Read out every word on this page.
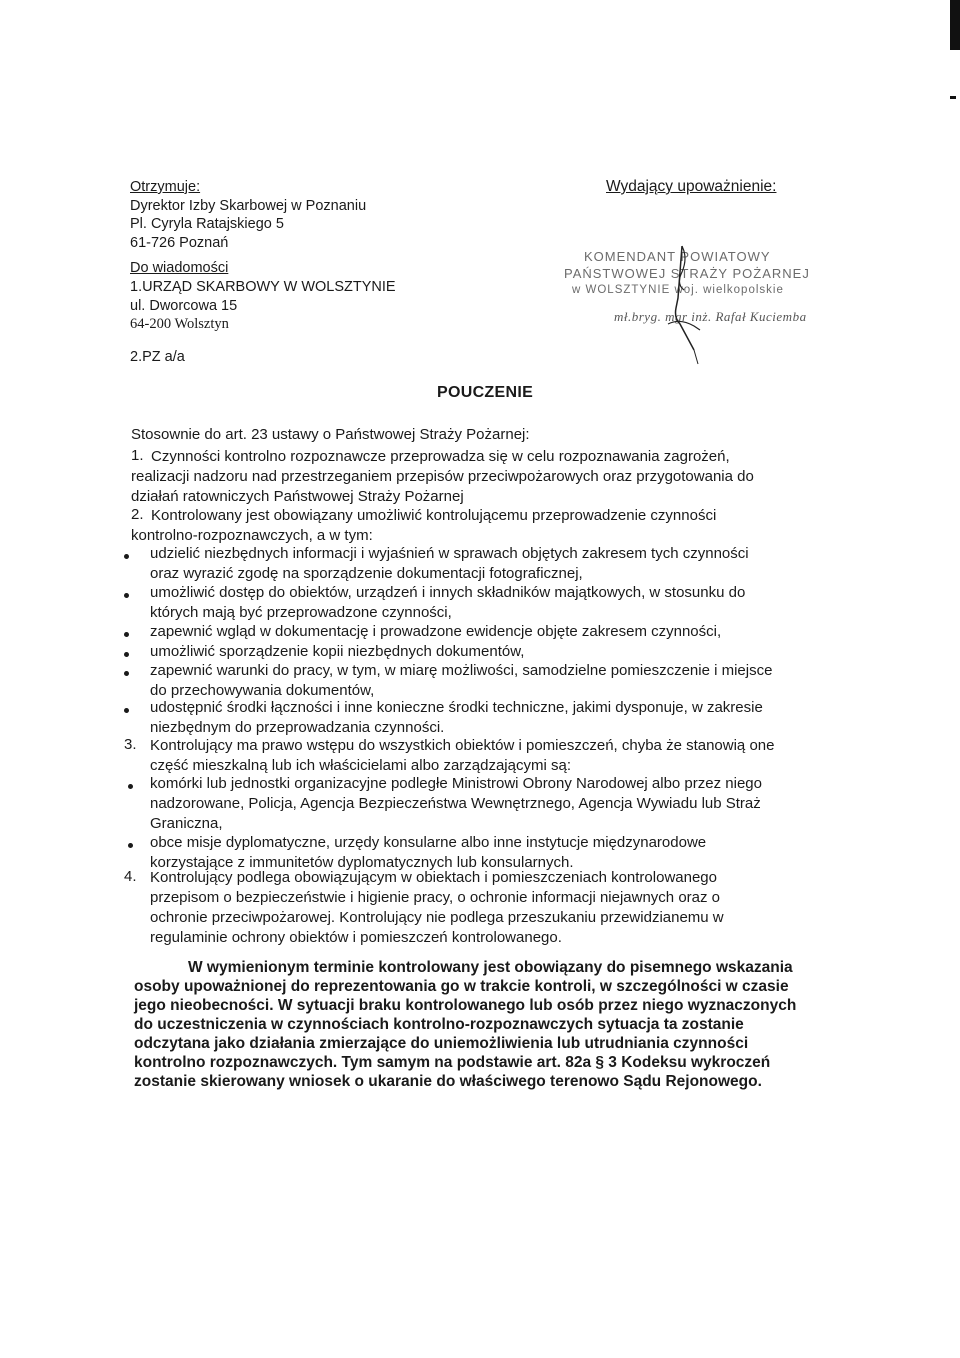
Otrzymuje:
Dyrektor Izby Skarbowej w Poznaniu
Pl. Cyryla Ratajskiego 5
61-726 Poznań
Do wiadomości
1.URZĄD SKARBOWY W WOLSZTYNIE
ul. Dworcowa 15
64-200 Wolsztyn
2.PZ a/a
Wydający upoważnienie:
KOMENDANT POWIATOWY
PAŃSTWOWEJ STRAŻY POŻARNEJ
w WOLSZTYNIE woj. wielkopolskie
mł.bryg. mgr inż. Rafał Kuciemba
POUCZENIE
Stosownie do art. 23 ustawy o Państwowej Straży Pożarnej:
1. Czynności kontrolno rozpoznawcze przeprowadza się w celu rozpoznawania zagrożeń,
realizacji nadzoru nad przestrzeganiem przepisów przeciwpożarowych oraz przygotowania do
działań ratowniczych Państwowej Straży Pożarnej
2. Kontrolowany jest obowiązany umożliwić kontrolującemu przeprowadzenie czynności
kontrolno-rozpoznawczych, a w tym:
udzielić niezbędnych informacji i wyjaśnień w sprawach objętych zakresem tych czynności
oraz wyrazić zgodę na sporządzenie dokumentacji fotograficznej,
umożliwić dostęp do obiektów, urządzeń i innych składników majątkowych, w stosunku do
których mają być przeprowadzone czynności,
zapewnić wgląd w dokumentację i prowadzone ewidencje objęte zakresem czynności,
umożliwić sporządzenie kopii niezbędnych dokumentów,
zapewnić warunki do pracy, w tym, w miarę możliwości, samodzielne pomieszczenie i miejsce
do przechowywania dokumentów,
udostępnić środki łączności i inne konieczne środki techniczne, jakimi dysponuje, w zakresie
niezbędnym do przeprowadzania czynności.
3. Kontrolujący ma prawo wstępu do wszystkich obiektów i pomieszczeń, chyba że stanowią one
część mieszkalną lub ich właścicielami albo zarządzającymi są:
komórki lub jednostki organizacyjne podległe Ministrowi Obrony Narodowej albo przez niego
nadzorowane, Policja, Agencja Bezpieczeństwa Wewnętrznego, Agencja Wywiadu lub Straż
Graniczna,
obce misje dyplomatyczne, urzędy konsularne albo inne instytucje międzynarodowe
korzystające z immunitetów dyplomatycznych lub konsularnych.
4. Kontrolujący podlega obowiązującym w obiektach i pomieszczeniach kontrolowanego
przepisom o bezpieczeństwie i higienie pracy, o ochronie informacji niejawnych oraz o
ochronie przeciwpożarowej. Kontrolujący nie podlega przeszukaniu przewidzianemu w
regulaminie ochrony obiektów i pomieszczeń kontrolowanego.
W wymienionym terminie kontrolowany jest obowiązany do pisemnego wskazania
osoby upoważnionej do reprezentowania go w trakcie kontroli, w szczególności w czasie
jego nieobecności. W sytuacji braku kontrolowanego lub osób przez niego wyznaczonych
do uczestniczenia w czynnościach kontrolno-rozpoznawczych sytuacja ta zostanie
odczytana jako działania zmierzające do uniemożliwienia lub utrudniania czynności
kontrolno rozpoznawczych. Tym samym na podstawie art. 82a § 3 Kodeksu wykroczeń
zostanie skierowany wniosek o ukaranie do właściwego terenowo Sądu Rejonowego.
